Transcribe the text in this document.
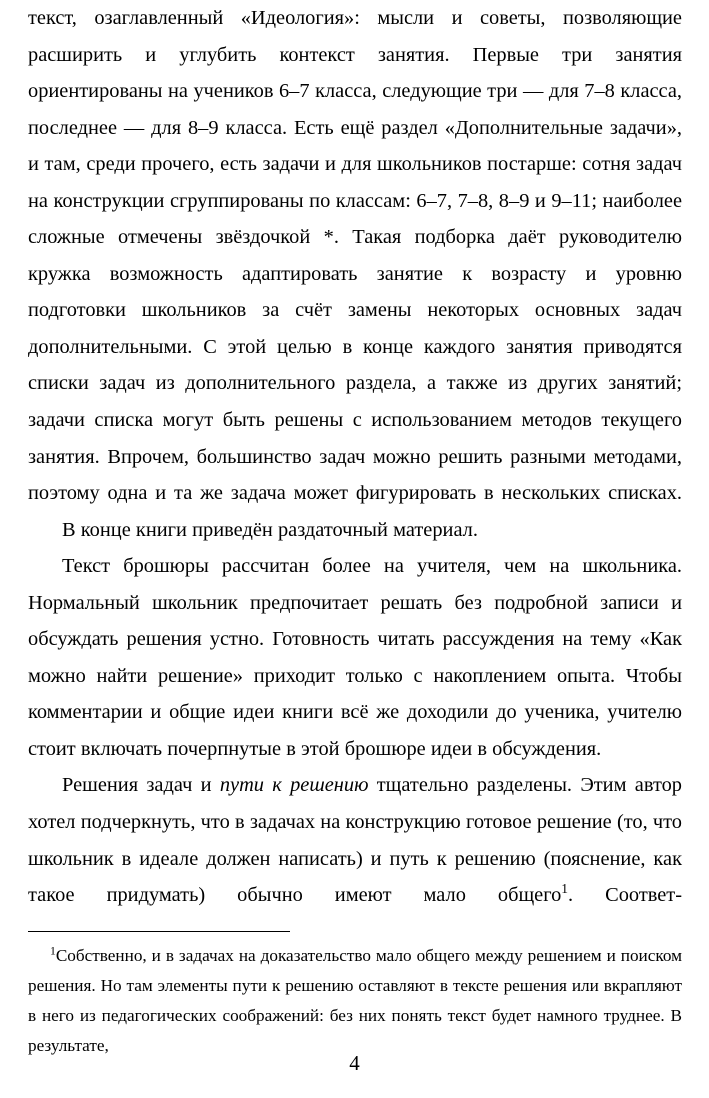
текст, озаглавленный «Идеология»: мысли и советы, позволяющие расширить и углубить контекст занятия. Первые три занятия ориентированы на учеников 6–7 класса, следующие три — для 7–8 класса, последнее — для 8–9 класса. Есть ещё раздел «Дополнительные задачи», и там, среди прочего, есть задачи и для школьников постарше: сотня задач на конструкции сгруппированы по классам: 6–7, 7–8, 8–9 и 9–11; наиболее сложные отмечены звёздочкой *. Такая подборка даёт руководителю кружка возможность адаптировать занятие к возрасту и уровню подготовки школьников за счёт замены некоторых основных задач дополнительными. С этой целью в конце каждого занятия приводятся списки задач из дополнительного раздела, а также из других занятий; задачи списка могут быть решены с использованием методов текущего занятия. Впрочем, большинство задач можно решить разными методами, поэтому одна и та же задача может фигурировать в нескольких списках.

В конце книги приведён раздаточный материал.

Текст брошюры рассчитан более на учителя, чем на школьника. Нормальный школьник предпочитает решать без подробной записи и обсуждать решения устно. Готовность читать рассуждения на тему «Как можно найти решение» приходит только с накоплением опыта. Чтобы комментарии и общие идеи книги всё же доходили до ученика, учителю стоит включать почерпнутые в этой брошюре идеи в обсуждения.

Решения задач и пути к решению тщательно разделены. Этим автор хотел подчеркнуть, что в задачах на конструкцию готовое решение (то, что школьник в идеале должен написать) и путь к решению (пояснение, как такое придумать) обычно имеют мало общего$^1$. Соответ-

$^1$Собственно, и в задачах на доказательство мало общего между решением и поиском решения. Но там элементы пути к решению оставляют в тексте решения или вкрапляют в него из педагогических соображений: без них понять текст будет намного труднее. В результате,

4
